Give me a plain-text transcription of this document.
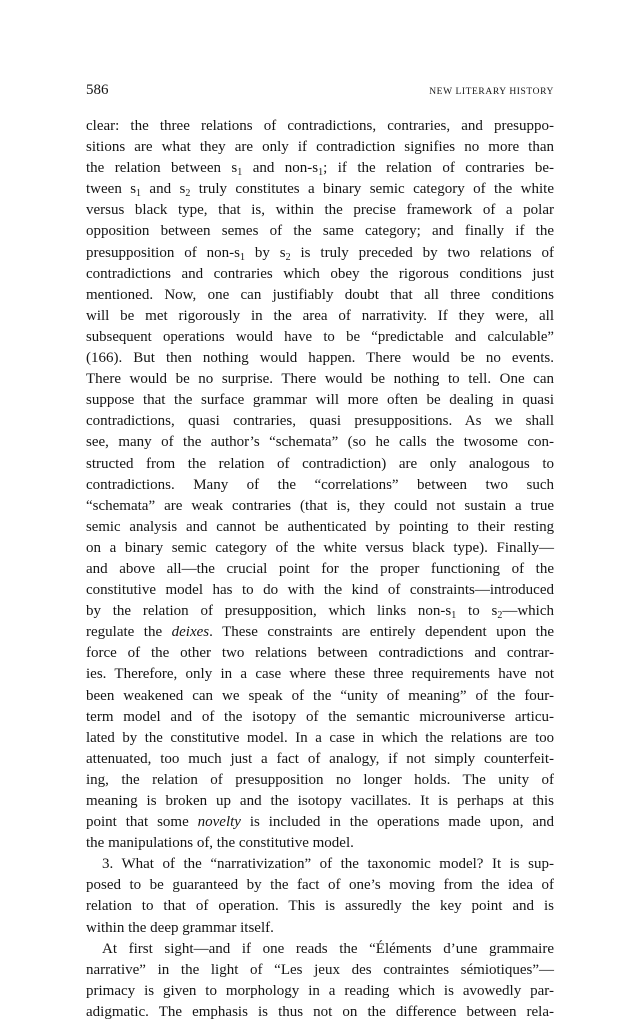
586	NEW LITERARY HISTORY
clear: the three relations of contradictions, contraries, and presuppo-
sitions are what they are only if contradiction signifies no more than
the relation between $s_1$ and non-$s_1$; if the relation of contraries be-
tween $s_1$ and $s_2$ truly constitutes a binary semic category of the white
versus black type, that is, within the precise framework of a polar
opposition between semes of the same category; and finally if the
presupposition of non-$s_1$ by $s_2$ is truly preceded by two relations of
contradictions and contraries which obey the rigorous conditions just
mentioned. Now, one can justifiably doubt that all three conditions
will be met rigorously in the area of narrativity. If they were, all
subsequent operations would have to be “predictable and calculable”
(166). But then nothing would happen. There would be no events.
There would be no surprise. There would be nothing to tell. One can
suppose that the surface grammar will more often be dealing in quasi
contradictions, quasi contraries, quasi presuppositions. As we shall
see, many of the author’s “schemata” (so he calls the twosome con-
structed from the relation of contradiction) are only analogous to
contradictions. Many of the “correlations” between two such
“schemata” are weak contraries (that is, they could not sustain a true
semic analysis and cannot be authenticated by pointing to their resting
on a binary semic category of the white versus black type). Finally—
and above all—the crucial point for the proper functioning of the
constitutive model has to do with the kind of constraints—introduced
by the relation of presupposition, which links non-$s_1$ to $s_2—which$
regulate the deixes. These constraints are entirely dependent upon the
force of the other two relations between contradictions and contrar-
ies. Therefore, only in a case where these three requirements have not
been weakened can we speak of the “unity of meaning” of the four-
term model and of the isotopy of the semantic microuniverse articu-
lated by the constitutive model. In a case in which the relations are too
attenuated, too much just a fact of analogy, if not simply counterfeit-
ing, the relation of presupposition no longer holds. The unity of
meaning is broken up and the isotopy vacillates. It is perhaps at this
point that some novelty is included in the operations made upon, and
the manipulations of, the constitutive model.
3. What of the “narrativization” of the taxonomic model? It is sup-
posed to be guaranteed by the fact of one’s moving from the idea of
relation to that of operation. This is assuredly the key point and is
within the deep grammar itself.
At first sight—and if one reads the “Éléments d’une grammaire
narrative” in the light of “Les jeux des contraintes sémiotiques”—
primacy is given to morphology in a reading which is avowedly par-
adigmatic. The emphasis is thus not on the difference between rela-
